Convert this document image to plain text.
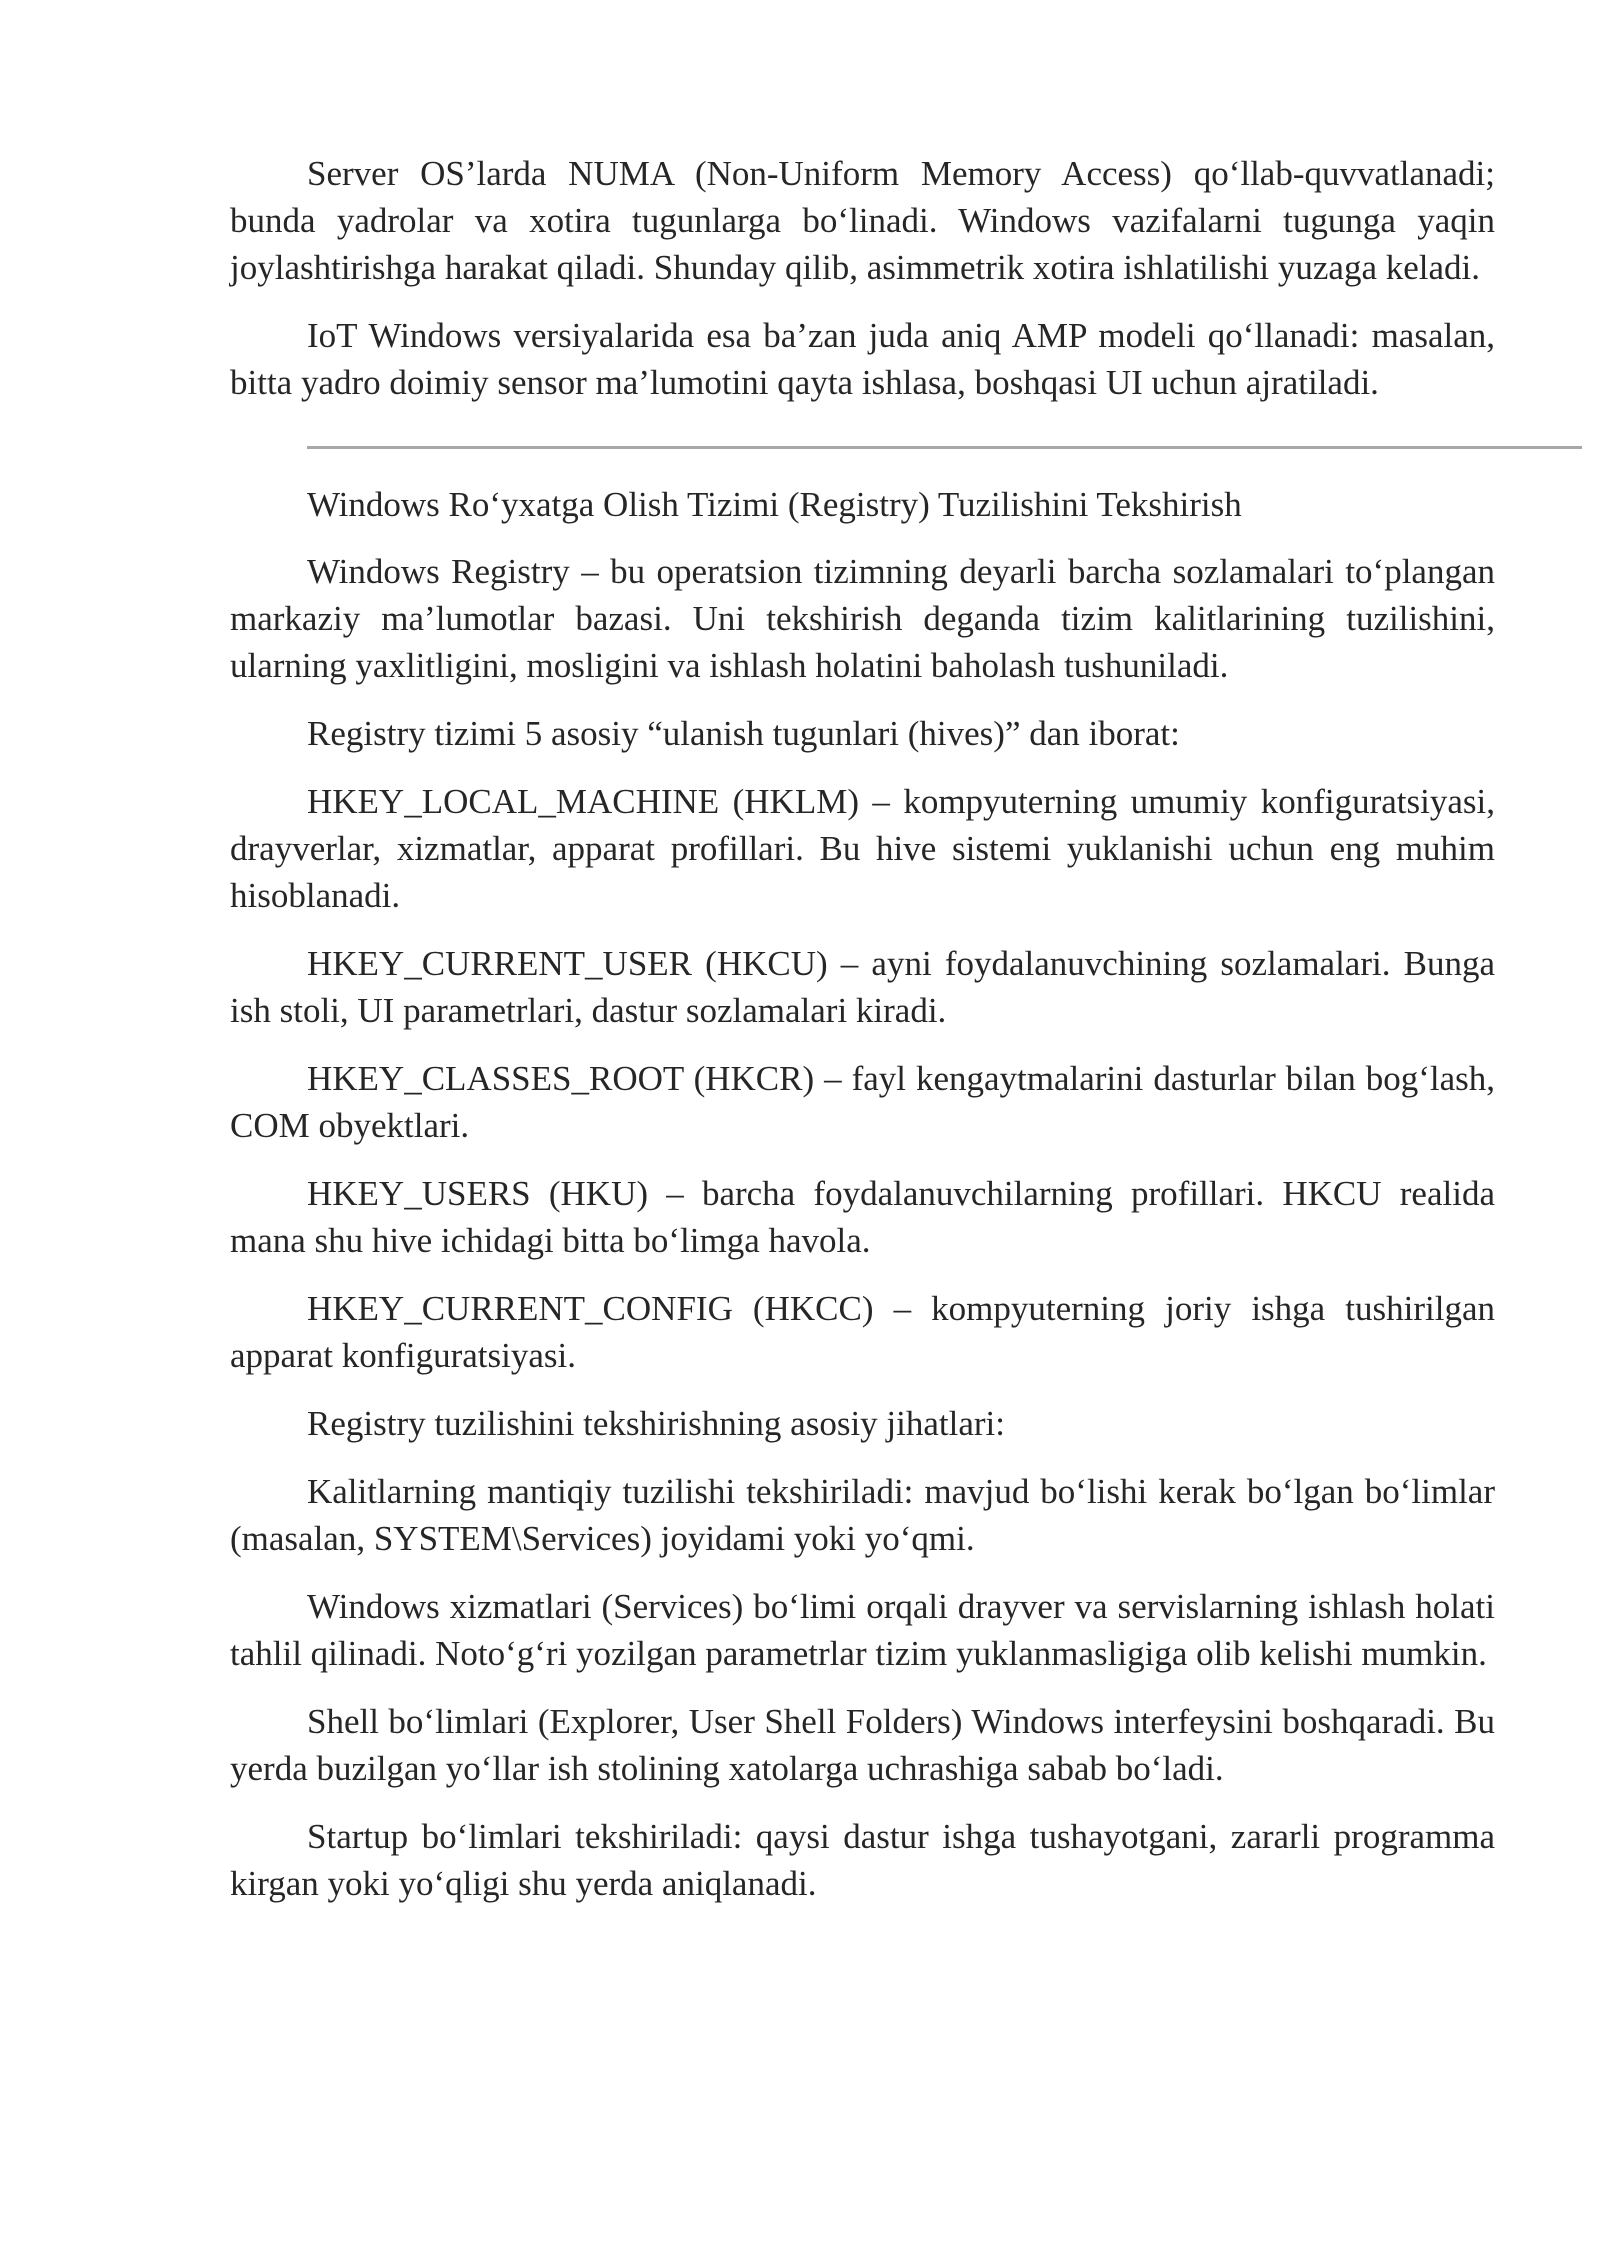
Server OS’larda NUMA (Non-Uniform Memory Access) qo‘llab-quvvatlanadi; bunda yadrolar va xotira tugunlarga bo‘linadi. Windows vazifalarni tugunga yaqin joylashtirishga harakat qiladi. Shunday qilib, asimmetrik xotira ishlatilishi yuzaga keladi.

IoT Windows versiyalarida esa ba’zan juda aniq AMP modeli qo‘llanadi: masalan, bitta yadro doimiy sensor ma’lumotini qayta ishlasa, boshqasi UI uchun ajratiladi.

Windows Ro‘yxatga Olish Tizimi (Registry) Tuzilishini Tekshirish

Windows Registry – bu operatsion tizimning deyarli barcha sozlamalari to‘plangan markaziy ma’lumotlar bazasi. Uni tekshirish deganda tizim kalitlarining tuzilishini, ularning yaxlitligini, mosligini va ishlash holatini baholash tushuniladi.

Registry tizimi 5 asosiy “ulanish tugunlari (hives)” dan iborat:

HKEY_LOCAL_MACHINE (HKLM) – kompyuterning umumiy konfiguratsiyasi, drayverlar, xizmatlar, apparat profillari. Bu hive sistemi yuklanishi uchun eng muhim hisoblanadi.

HKEY_CURRENT_USER (HKCU) – ayni foydalanuvchining sozlamalari. Bunga ish stoli, UI parametrlari, dastur sozlamalari kiradi.

HKEY_CLASSES_ROOT (HKCR) – fayl kengaytmalarini dasturlar bilan bog‘lash, COM obyektlari.

HKEY_USERS (HKU) – barcha foydalanuvchilarning profillari. HKCU realida mana shu hive ichidagi bitta bo‘limga havola.

HKEY_CURRENT_CONFIG (HKCC) – kompyuterning joriy ishga tushirilgan apparat konfiguratsiyasi.

Registry tuzilishini tekshirishning asosiy jihatlari:

Kalitlarning mantiqiy tuzilishi tekshiriladi: mavjud bo‘lishi kerak bo‘lgan bo‘limlar (masalan, SYSTEM\Services) joyidami yoki yo‘qmi.

Windows xizmatlari (Services) bo‘limi orqali drayver va servislarning ishlash holati tahlil qilinadi. Noto‘g‘ri yozilgan parametrlar tizim yuklanmasligiga olib kelishi mumkin.

Shell bo‘limlari (Explorer, User Shell Folders) Windows interfeysini boshqaradi. Bu yerda buzilgan yo‘llar ish stolining xatolarga uchrashiga sabab bo‘ladi.

Startup bo‘limlari tekshiriladi: qaysi dastur ishga tushayotgani, zararli programma kirgan yoki yo‘qligi shu yerda aniqlanadi.
